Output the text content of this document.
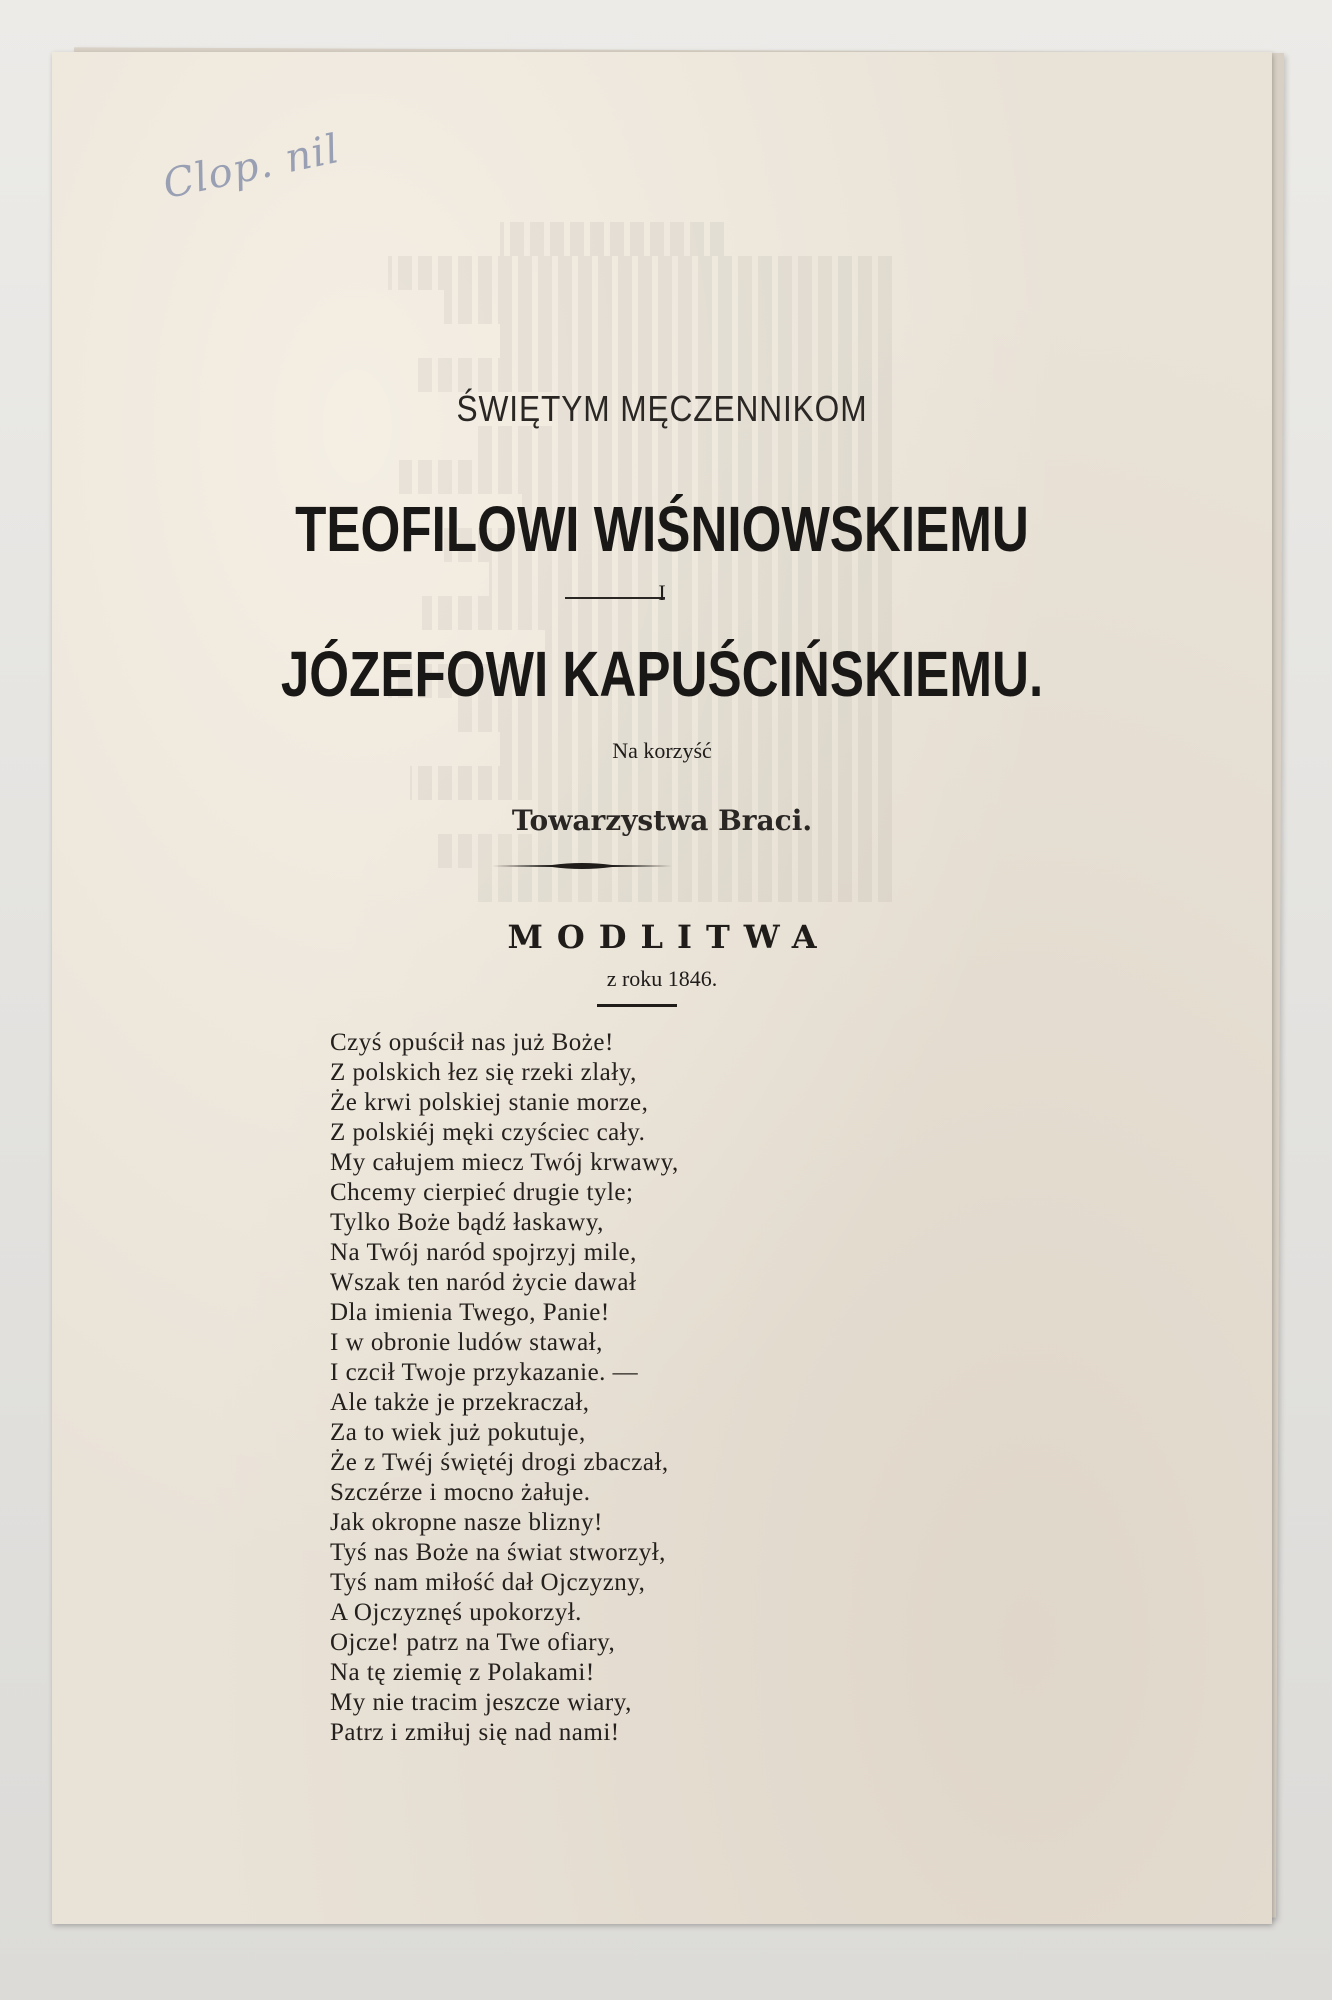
Clop. nil
ŚWIĘTYM MĘCZENNIKOM
TEOFILOWI WIŚNIOWSKIEMU
I
JÓZEFOWI KAPUŚCIŃSKIEMU.
Na korzyść
Towarzystwa Braci.
MODLITWA
z roku 1846.
Czyś opuścił nas już Boże!
Z polskich łez się rzeki zlały,
Że krwi polskiej stanie morze,
Z polskiéj męki czyściec cały.
My całujem miecz Twój krwawy,
Chcemy cierpieć drugie tyle;
Tylko Boże bądź łaskawy,
Na Twój naród spojrzyj mile,
Wszak ten naród życie dawał
Dla imienia Twego, Panie!
I w obronie ludów stawał,
I czcił Twoje przykazanie. —
Ale także je przekraczał,
Za to wiek już pokutuje,
Że z Twéj świętéj drogi zbaczał,
Szczérze i mocno żałuje.
Jak okropne nasze blizny!
Tyś nas Boże na świat stworzył,
Tyś nam miłość dał Ojczyzny,
A Ojczyznęś upokorzył.
Ojcze! patrz na Twe ofiary,
Na tę ziemię z Polakami!
My nie tracim jeszcze wiary,
Patrz i zmiłuj się nad nami!
